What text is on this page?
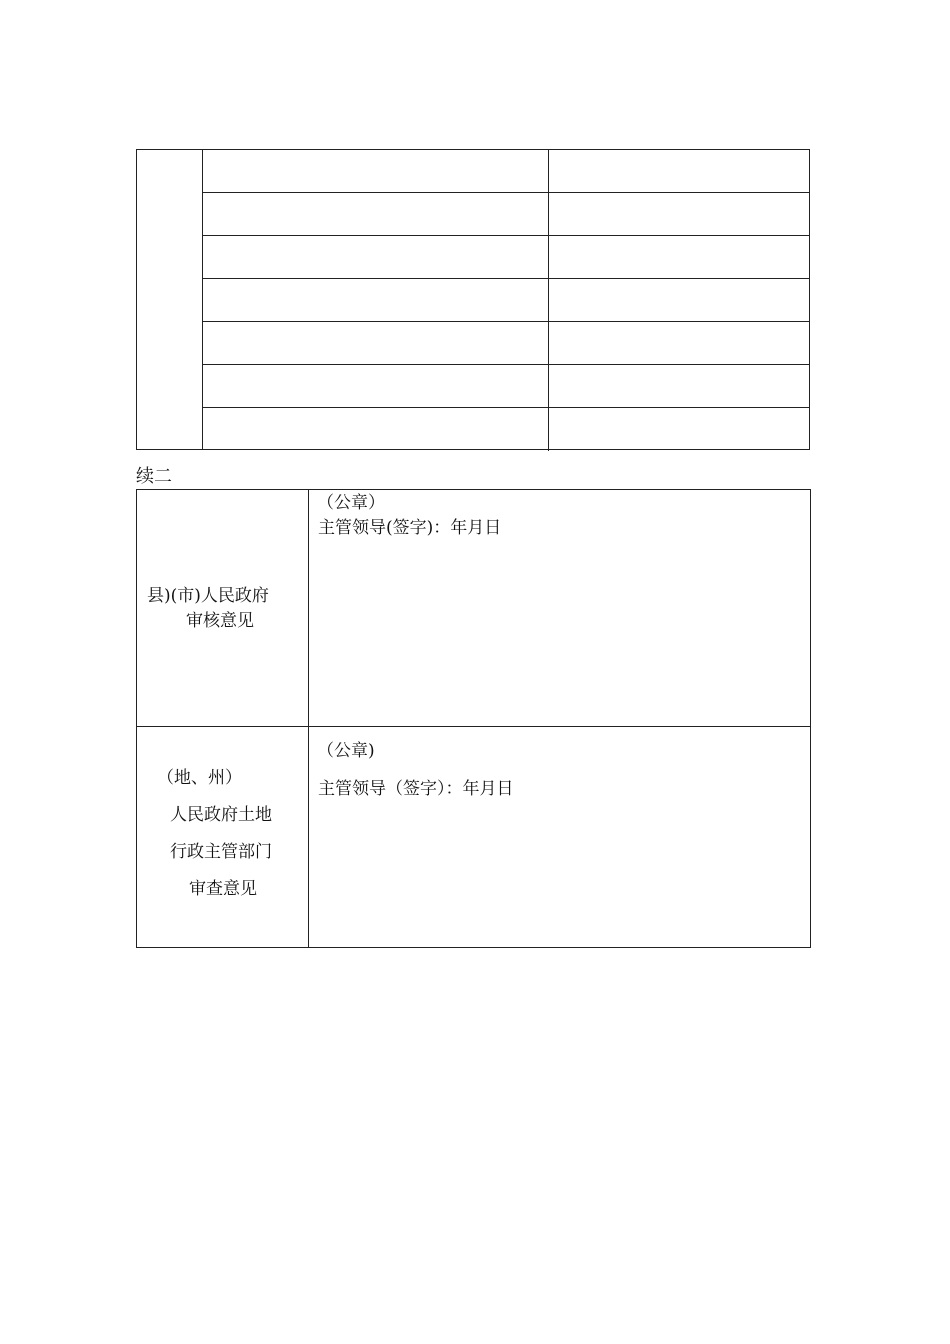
续二
县)(市)人民政府
审核意见
（公章）
主管领导(签字)：年月日
（地、州）
人民政府土地
行政主管部门
审查意见
（公章)
主管领导（签字）：年月日
